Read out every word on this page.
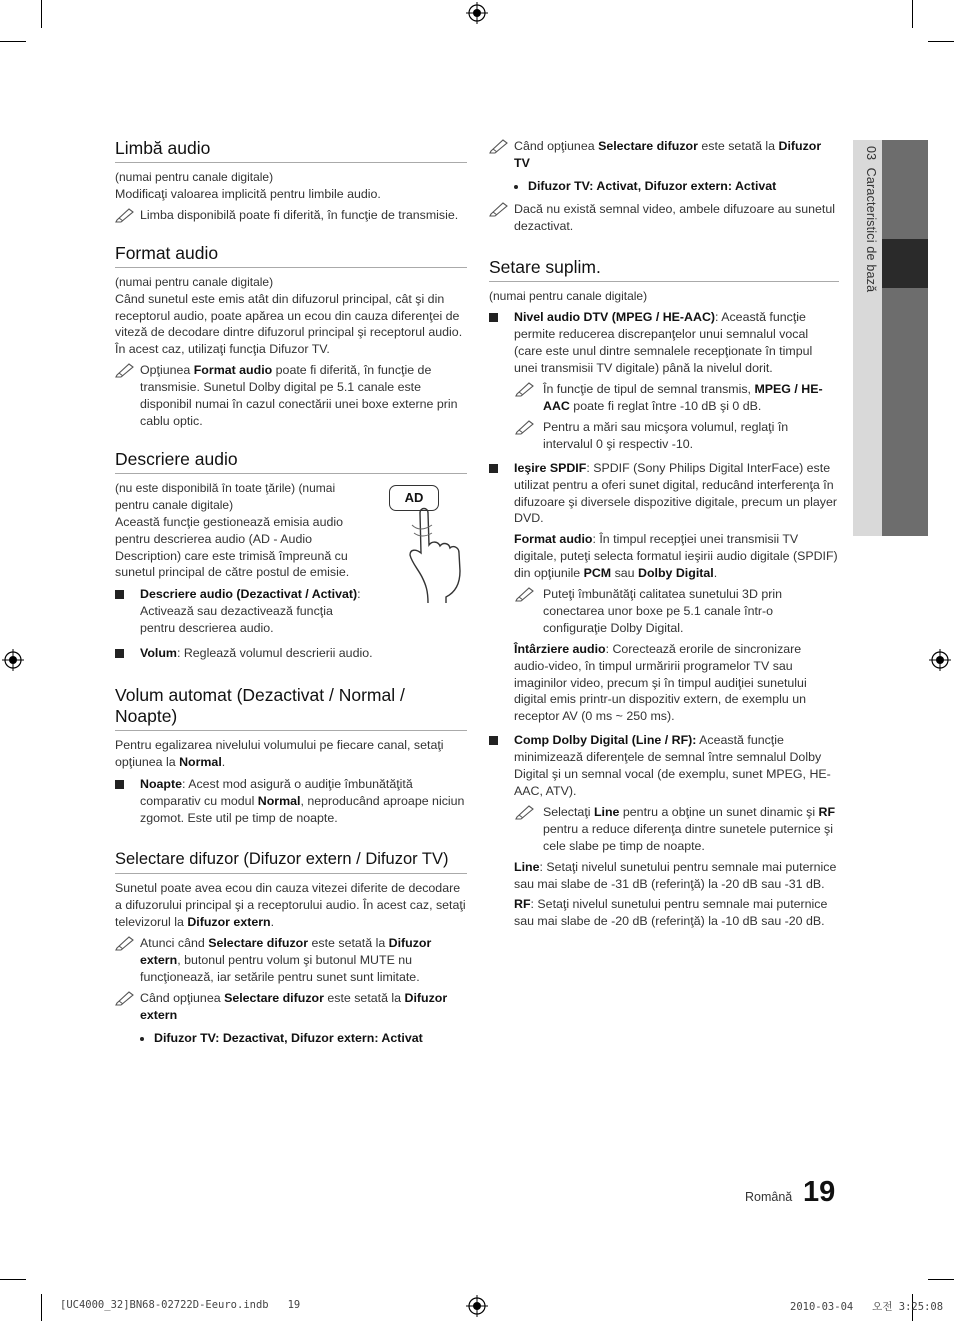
03  Caracteristici de bază
Limbă audio

(numai pentru canale digitale)

Modificaţi valoarea implicită pentru limbile audio.

Limba disponibilă poate fi diferită, în funcţie de transmisie.
Format audio

(numai pentru canale digitale)

Când sunetul este emis atât din difuzorul principal, cât şi din receptorul audio, poate apărea un ecou din cauza diferenţei de viteză de decodare dintre difuzorul principal şi receptorul audio. În acest caz, utilizaţi funcţia Difuzor TV.

Opţiunea Format audio poate fi diferită, în funcţie de transmisie. Sunetul Dolby digital pe 5.1 canale este disponibil numai în cazul conectării unei boxe externe prin cablu optic.
Descriere audio

(nu este disponibilă în toate ţările) (numai pentru canale digitale)

Această funcţie gestionează emisia audio pentru descrierea audio (AD - Audio Description) care este trimisă împreună cu sunetul principal de către postul de emisie.

Descriere audio (Dezactivat / Activat): Activează sau dezactivează funcţia pentru descrierea audio.
AD
Volum: Reglează volumul descrierii audio.
Volum automat (Dezactivat / Normal / Noapte)

Pentru egalizarea nivelului volumului pe fiecare canal, setaţi opţiunea la Normal.

Noapte: Acest mod asigură o audiţie îmbunătăţită comparativ cu modul Normal, neproducând aproape niciun zgomot. Este util pe timp de noapte.
Selectare difuzor (Difuzor extern / Difuzor TV)

Sunetul poate avea ecou din cauza vitezei diferite de decodare a difuzorului principal şi a receptorului audio. În acest caz, setaţi televizorul la Difuzor extern.

Atunci când Selectare difuzor este setată la Difuzor extern, butonul pentru volum şi butonul MUTE nu funcţionează, iar setările pentru sunet sunt limitate.
Când opţiunea Selectare difuzor este setată la Difuzor extern
Difuzor TV: Dezactivat, Difuzor extern: Activat
Când opţiunea Selectare difuzor este setată la Difuzor TV
Difuzor TV: Activat, Difuzor extern: Activat
Dacă nu există semnal video, ambele difuzoare au sunetul dezactivat.
Setare suplim.

(numai pentru canale digitale)

Nivel audio DTV (MPEG / HE-AAC): Această funcţie permite reducerea discrepanţelor unui semnalul vocal (care este unul dintre semnalele recepţionate în timpul unei transmisii TV digitale) până la nivelul dorit.
În funcţie de tipul de semnal transmis, MPEG / HE-AAC poate fi reglat între -10 dB şi 0 dB.
Pentru a mări sau micşora volumul, reglaţi în intervalul 0 şi respectiv -10.
Ieşire SPDIF: SPDIF (Sony Philips Digital InterFace) este utilizat pentru a oferi sunet digital, reducând interferenţa în difuzoare şi diversele dispozitive digitale, precum un player DVD.
Format audio: În timpul recepţiei unei transmisii TV digitale, puteţi selecta formatul ieşirii audio digitale (SPDIF) din opţiunile PCM sau Dolby Digital.
Puteţi îmbunătăţi calitatea sunetului 3D prin conectarea unor boxe pe 5.1 canale într-o configuraţie Dolby Digital.
Întârziere audio: Corectează erorile de sincronizare audio-video, în timpul urmăririi programelor TV sau imaginilor video, precum şi în timpul audiţiei sunetului digital emis printr-un dispozitiv extern, de exemplu un receptor AV (0 ms ~ 250 ms).
Comp Dolby Digital (Line / RF): Această funcţie minimizează diferenţele de semnal între semnalul Dolby Digital şi un semnal vocal (de exemplu, sunet MPEG, HE-AAC, ATV).
Selectaţi Line pentru a obţine un sunet dinamic şi RF pentru a reduce diferenţa dintre sunetele puternice şi cele slabe pe timp de noapte.
Line: Setaţi nivelul sunetului pentru semnale mai puternice sau mai slabe de -31 dB (referinţă) la -20 dB sau -31 dB.
RF: Setaţi nivelul sunetului pentru semnale mai puternice sau mai slabe de -20 dB (referinţă) la -10 dB sau -20 dB.
Română 19
[UC4000_32]BN68-02722D-Eeuro.indb   19	2010-03-04   오전 3:25:08
